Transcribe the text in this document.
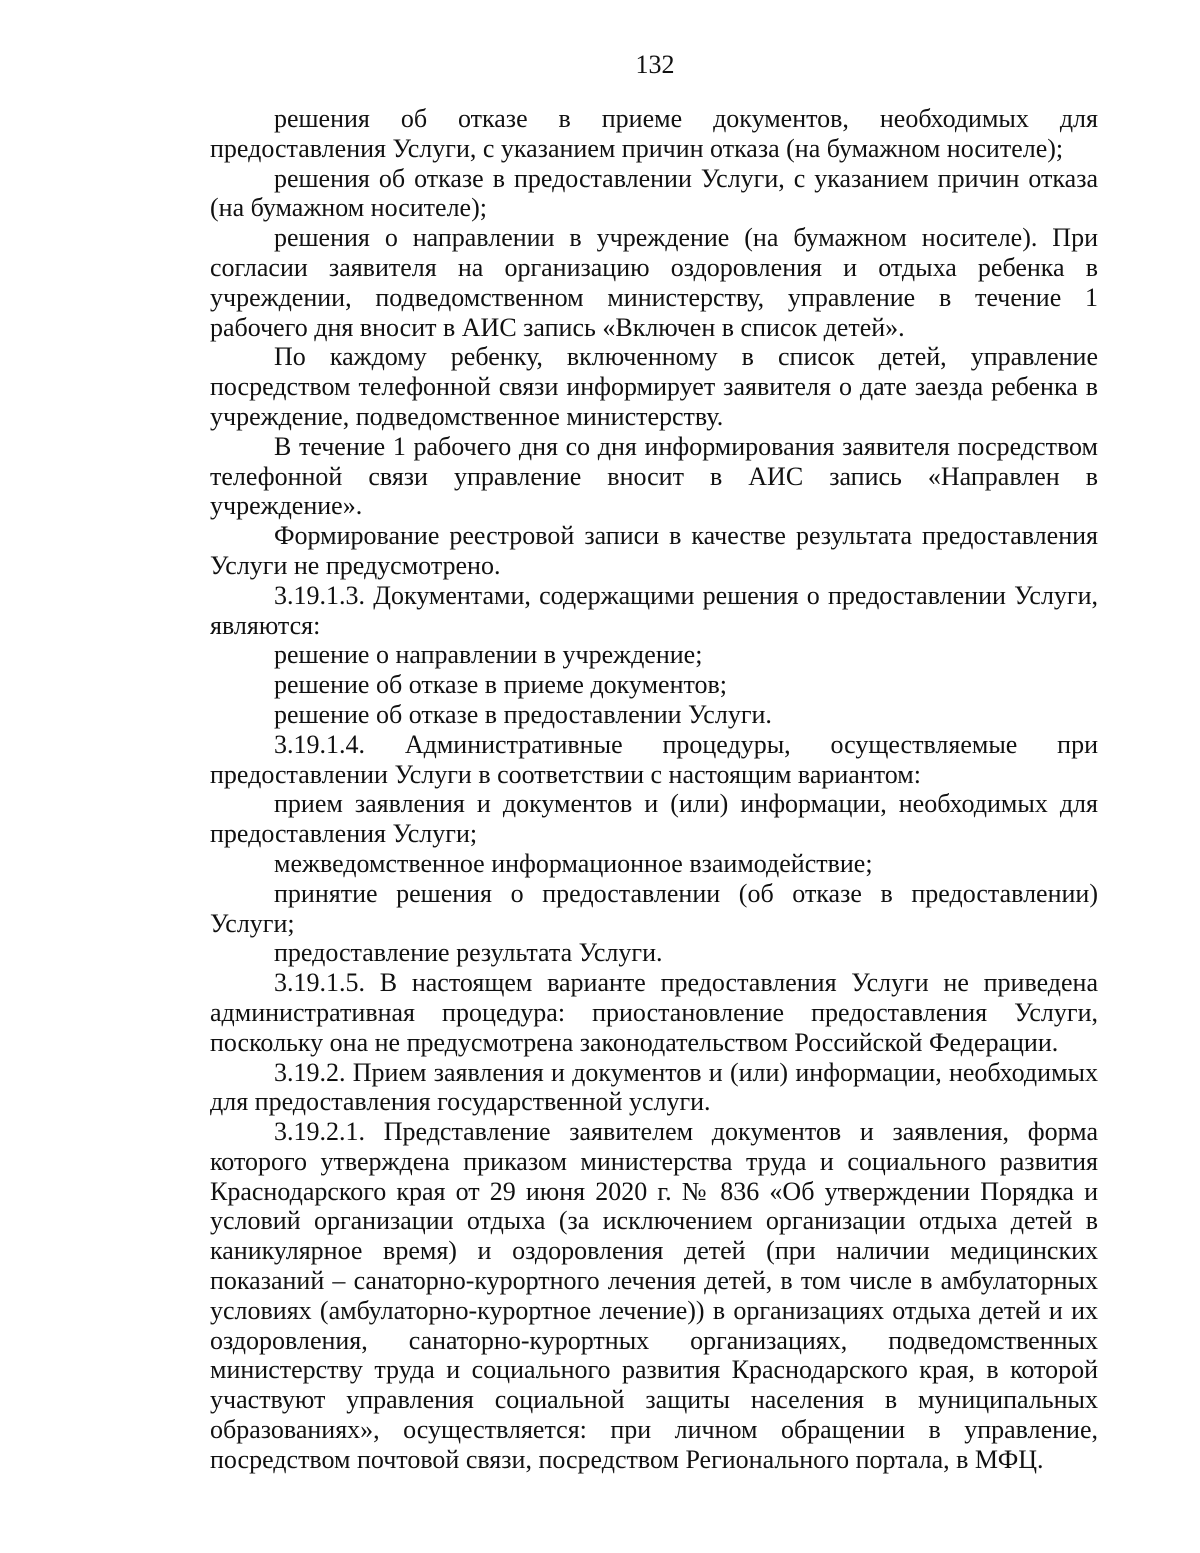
132

решения об отказе в приеме документов, необходимых для предоставления Услуги, с указанием причин отказа (на бумажном носителе);

решения об отказе в предоставлении Услуги, с указанием причин отказа (на бумажном носителе);

решения о направлении в учреждение (на бумажном носителе). При согласии заявителя на организацию оздоровления и отдыха ребенка в учреждении, подведомственном министерству, управление в течение 1 рабочего дня вносит в АИС запись «Включен в список детей».

По каждому ребенку, включенному в список детей, управление посредством телефонной связи информирует заявителя о дате заезда ребенка в учреждение, подведомственное министерству.

В течение 1 рабочего дня со дня информирования заявителя посредством телефонной связи управление вносит в АИС запись «Направлен в учреждение».

Формирование реестровой записи в качестве результата предоставления Услуги не предусмотрено.

3.19.1.3. Документами, содержащими решения о предоставлении Услуги, являются:

решение о направлении в учреждение;

решение об отказе в приеме документов;

решение об отказе в предоставлении Услуги.

3.19.1.4. Административные процедуры, осуществляемые при предоставлении Услуги в соответствии с настоящим вариантом:

прием заявления и документов и (или) информации, необходимых для предоставления Услуги;

межведомственное информационное взаимодействие;

принятие решения о предоставлении (об отказе в предоставлении) Услуги;

предоставление результата Услуги.

3.19.1.5. В настоящем варианте предоставления Услуги не приведена административная процедура: приостановление предоставления Услуги, поскольку она не предусмотрена законодательством Российской Федерации.

3.19.2. Прием заявления и документов и (или) информации, необходимых для предоставления государственной услуги.

3.19.2.1. Представление заявителем документов и заявления, форма которого утверждена приказом министерства труда и социального развития Краснодарского края от 29 июня 2020 г. № 836 «Об утверждении Порядка и условий организации отдыха (за исключением организации отдыха детей в каникулярное время) и оздоровления детей (при наличии медицинских показаний – санаторно-курортного лечения детей, в том числе в амбулаторных условиях (амбулаторно-курортное лечение)) в организациях отдыха детей и их оздоровления, санаторно-курортных организациях, подведомственных министерству труда и социального развития Краснодарского края, в которой участвуют управления социальной защиты населения в муниципальных образованиях», осуществляется: при личном обращении в управление, посредством почтовой связи, посредством Регионального портала, в МФЦ.
